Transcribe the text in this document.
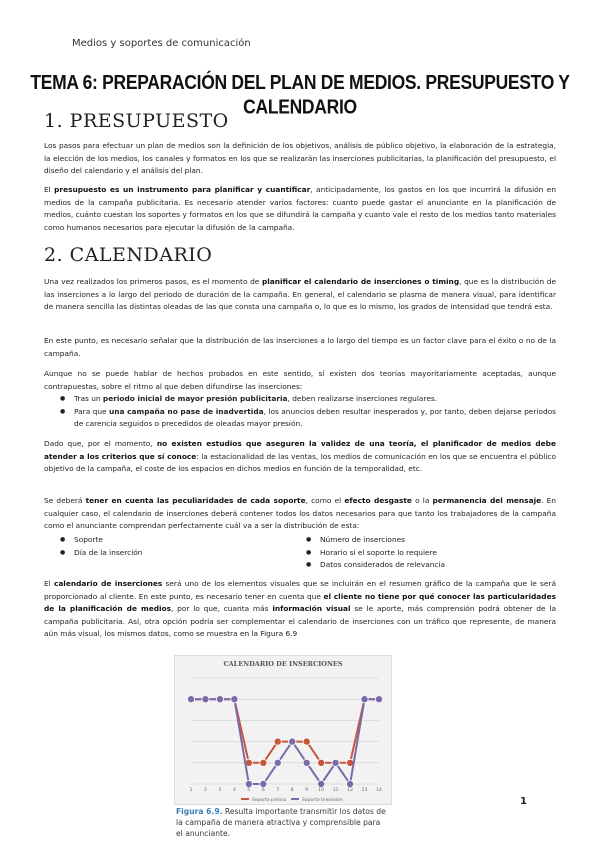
Medios y soportes de comunicación
TEMA 6: PREPARACIÓN DEL PLAN DE MEDIOS. PRESUPUESTO Y CALENDARIO
1. PRESUPUESTO
Los pasos para efectuar un plan de medios son la definición de los objetivos, análisis de público objetivo, la elaboración de la estrategia, la elección de los medios, los canales y formatos en los que se realizarán las inserciones publicitarias, la planificación del presupuesto, el diseño del calendario y el análisis del plan.
El presupuesto es un instrumento para planificar y cuantificar, anticipadamente, los gastos en los que incurrirá la difusión en medios de la campaña publicitaria. Es necesario atender varios factores: cuanto puede gastar el anunciante en la planificación de medios, cuánto cuestan los soportes y formatos en los que se difundirá la campaña y cuanto vale el resto de los medios tanto materiales como humanos necesarios para ejecutar la difusión de la campaña.
2. CALENDARIO
Una vez realizados los primeros pasos, es el momento de planificar el calendario de inserciones o timing, que es la distribución de las inserciones a lo largo del periodo de duración de la campaña. En general, el calendario se plasma de manera visual, para identificar de manera sencilla las distintas oleadas de las que consta una campaña o, lo que es lo mismo, los grados de intensidad que tendrá esta.
En este punto, es necesario señalar que la distribución de las inserciones a lo largo del tiempo es un factor clave para el éxito o no de la campaña.
Aunque no se puede hablar de hechos probados en este sentido, sí existen dos teorías mayoritariamente aceptadas, aunque contrapuestas, sobre el ritmo al que deben difundirse las inserciones:
● Tras un periodo inicial de mayor presión publicitaria, deben realizarse inserciones regulares.
● Para que una campaña no pase de inadvertida, los anuncios deben resultar inesperados y, por tanto, deben dejarse periodos de carencia seguidos o precedidos de oleadas mayor presión.
Dado que, por el momento, no existen estudios que aseguren la validez de una teoría, el planificador de medios debe atender a los criterios que sí conoce: la estacionalidad de las ventas, los medios de comunicación en los que se encuentra el público objetivo de la campaña, el coste de los espacios en dichos medios en función de la temporalidad, etc.
Se deberá tener en cuenta las peculiaridades de cada soporte, como el efecto desgaste o la permanencia del mensaje. En cualquier caso, el calendario de inserciones deberá contener todos los datos necesarios para que tanto los trabajadores de la campaña como el anunciante comprendan perfectamente cuál va a ser la distribución de esta:
● Soporte
● Día de la inserción
● Número de inserciones
● Horario si el soporte lo requiere
● Datos considerados de relevancia
El calendario de inserciones será uno de los elementos visuales que se incluirán en el resumen gráfico de la campaña que le será proporcionado al cliente. En este punto, es necesario tener en cuenta que el cliente no tiene por qué conocer las particularidades de la planificación de medios, por lo que, cuanta más información visual se le aporte, más comprensión podrá obtener de la campaña publicitaria. Así, otra opción podría ser complementar el calendario de inserciones con un tráfico que represente, de manera aún más visual, los mismos datos, como se muestra en la Figura 6.9
CALENDARIO DE INSERCIONES
1	2	3	4	5	6	7	8	9 10 11 12 13 14
Soporte prensa	Soporte televisión
Figura 6.9. Resulta importante transmitir los datos de la campaña de manera atractiva y comprensible para el anunciante.
1
